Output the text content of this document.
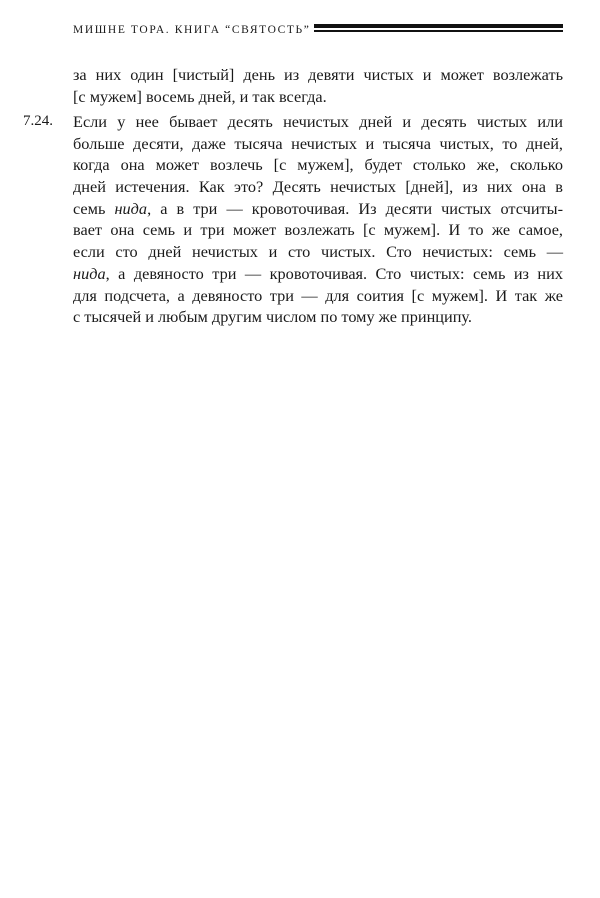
МИШНЕ ТОРА. КНИГА “СВЯТОСТЬ”
за них один [чистый] день из девяти чистых и может возлежать
[с мужем] восемь дней, и так всегда.
7.24. Если у нее бывает десять нечистых дней и десять чистых или
больше десяти, даже тысяча нечистых и тысяча чистых, то дней,
когда она может возлечь [с мужем], будет столько же, сколько
дней истечения. Как это? Десять нечистых [дней], из них она в
семь нида, а в три — кровоточивая. Из десяти чистых отсчиты-
вает она семь и три может возлежать [с мужем]. И то же самое,
если сто дней нечистых и сто чистых. Сто нечистых: семь —
нида, а девяносто три — кровоточивая. Сто чистых: семь из них
для подсчета, а девяносто три — для соития [с мужем]. И так же
с тысячей и любым другим числом по тому же принципу.
